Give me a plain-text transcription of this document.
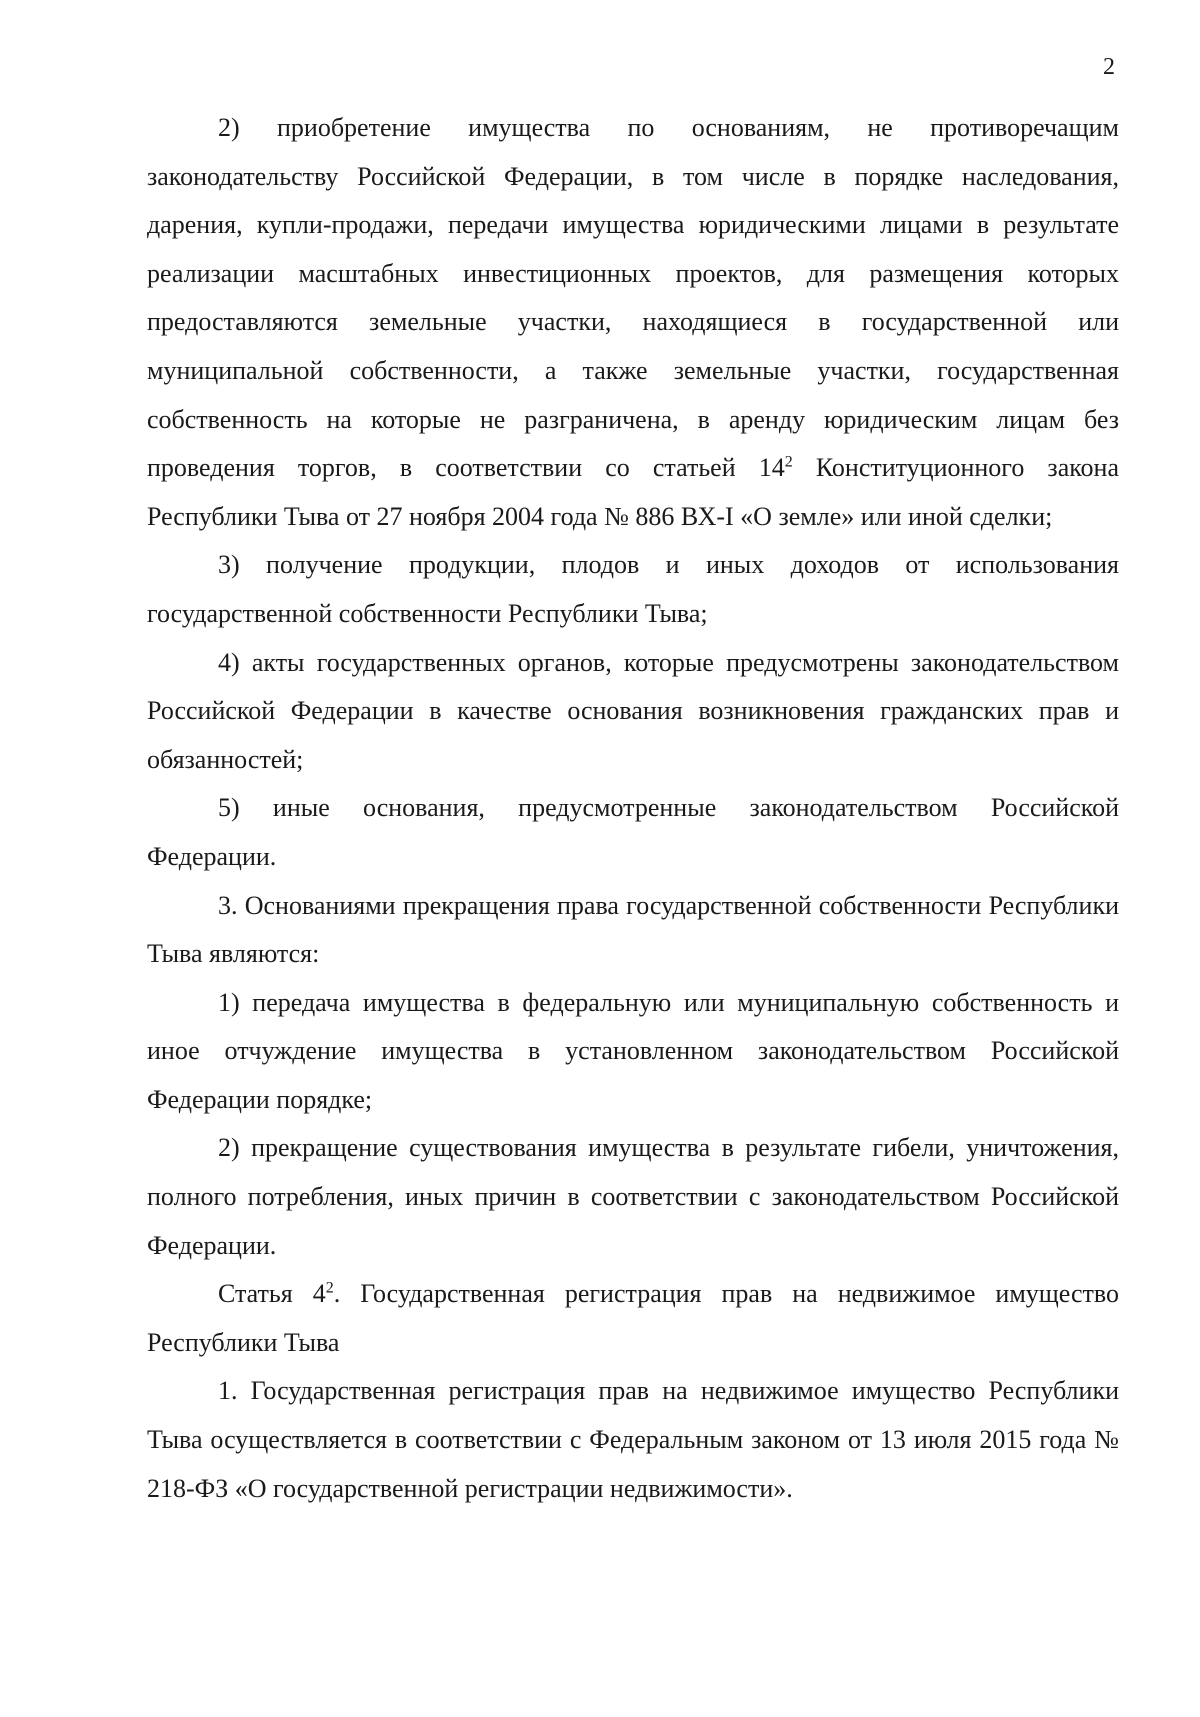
2

2) приобретение имущества по основаниям, не противоречащим законодательству Российской Федерации, в том числе в порядке наследования, дарения, купли-продажи, передачи имущества юридическими лицами в результате реализации масштабных инвестиционных проектов, для размещения которых предоставляются земельные участки, находящиеся в государственной или муниципальной собственности, а также земельные участки, государственная собственность на которые не разграничена, в аренду юридическим лицам без проведения торгов, в соответствии со статьей $14^2$ Конституционного закона Республики Тыва от 27 ноября 2004 года № 886 ВХ-I «О земле» или иной сделки;

3) получение продукции, плодов и иных доходов от использования государственной собственности Республики Тыва;

4) акты государственных органов, которые предусмотрены законодательством Российской Федерации в качестве основания возникновения гражданских прав и обязанностей;

5) иные основания, предусмотренные законодательством Российской Федерации.

3. Основаниями прекращения права государственной собственности Республики Тыва являются:

1) передача имущества в федеральную или муниципальную собственность и иное отчуждение имущества в установленном законодательством Российской Федерации порядке;

2) прекращение существования имущества в результате гибели, уничтожения, полного потребления, иных причин в соответствии с законодательством Российской Федерации.

Статья $4^2$. Государственная регистрация прав на недвижимое имущество Республики Тыва

1. Государственная регистрация прав на недвижимое имущество Республики Тыва осуществляется в соответствии с Федеральным законом от 13 июля 2015 года № 218-ФЗ «О государственной регистрации недвижимости».
